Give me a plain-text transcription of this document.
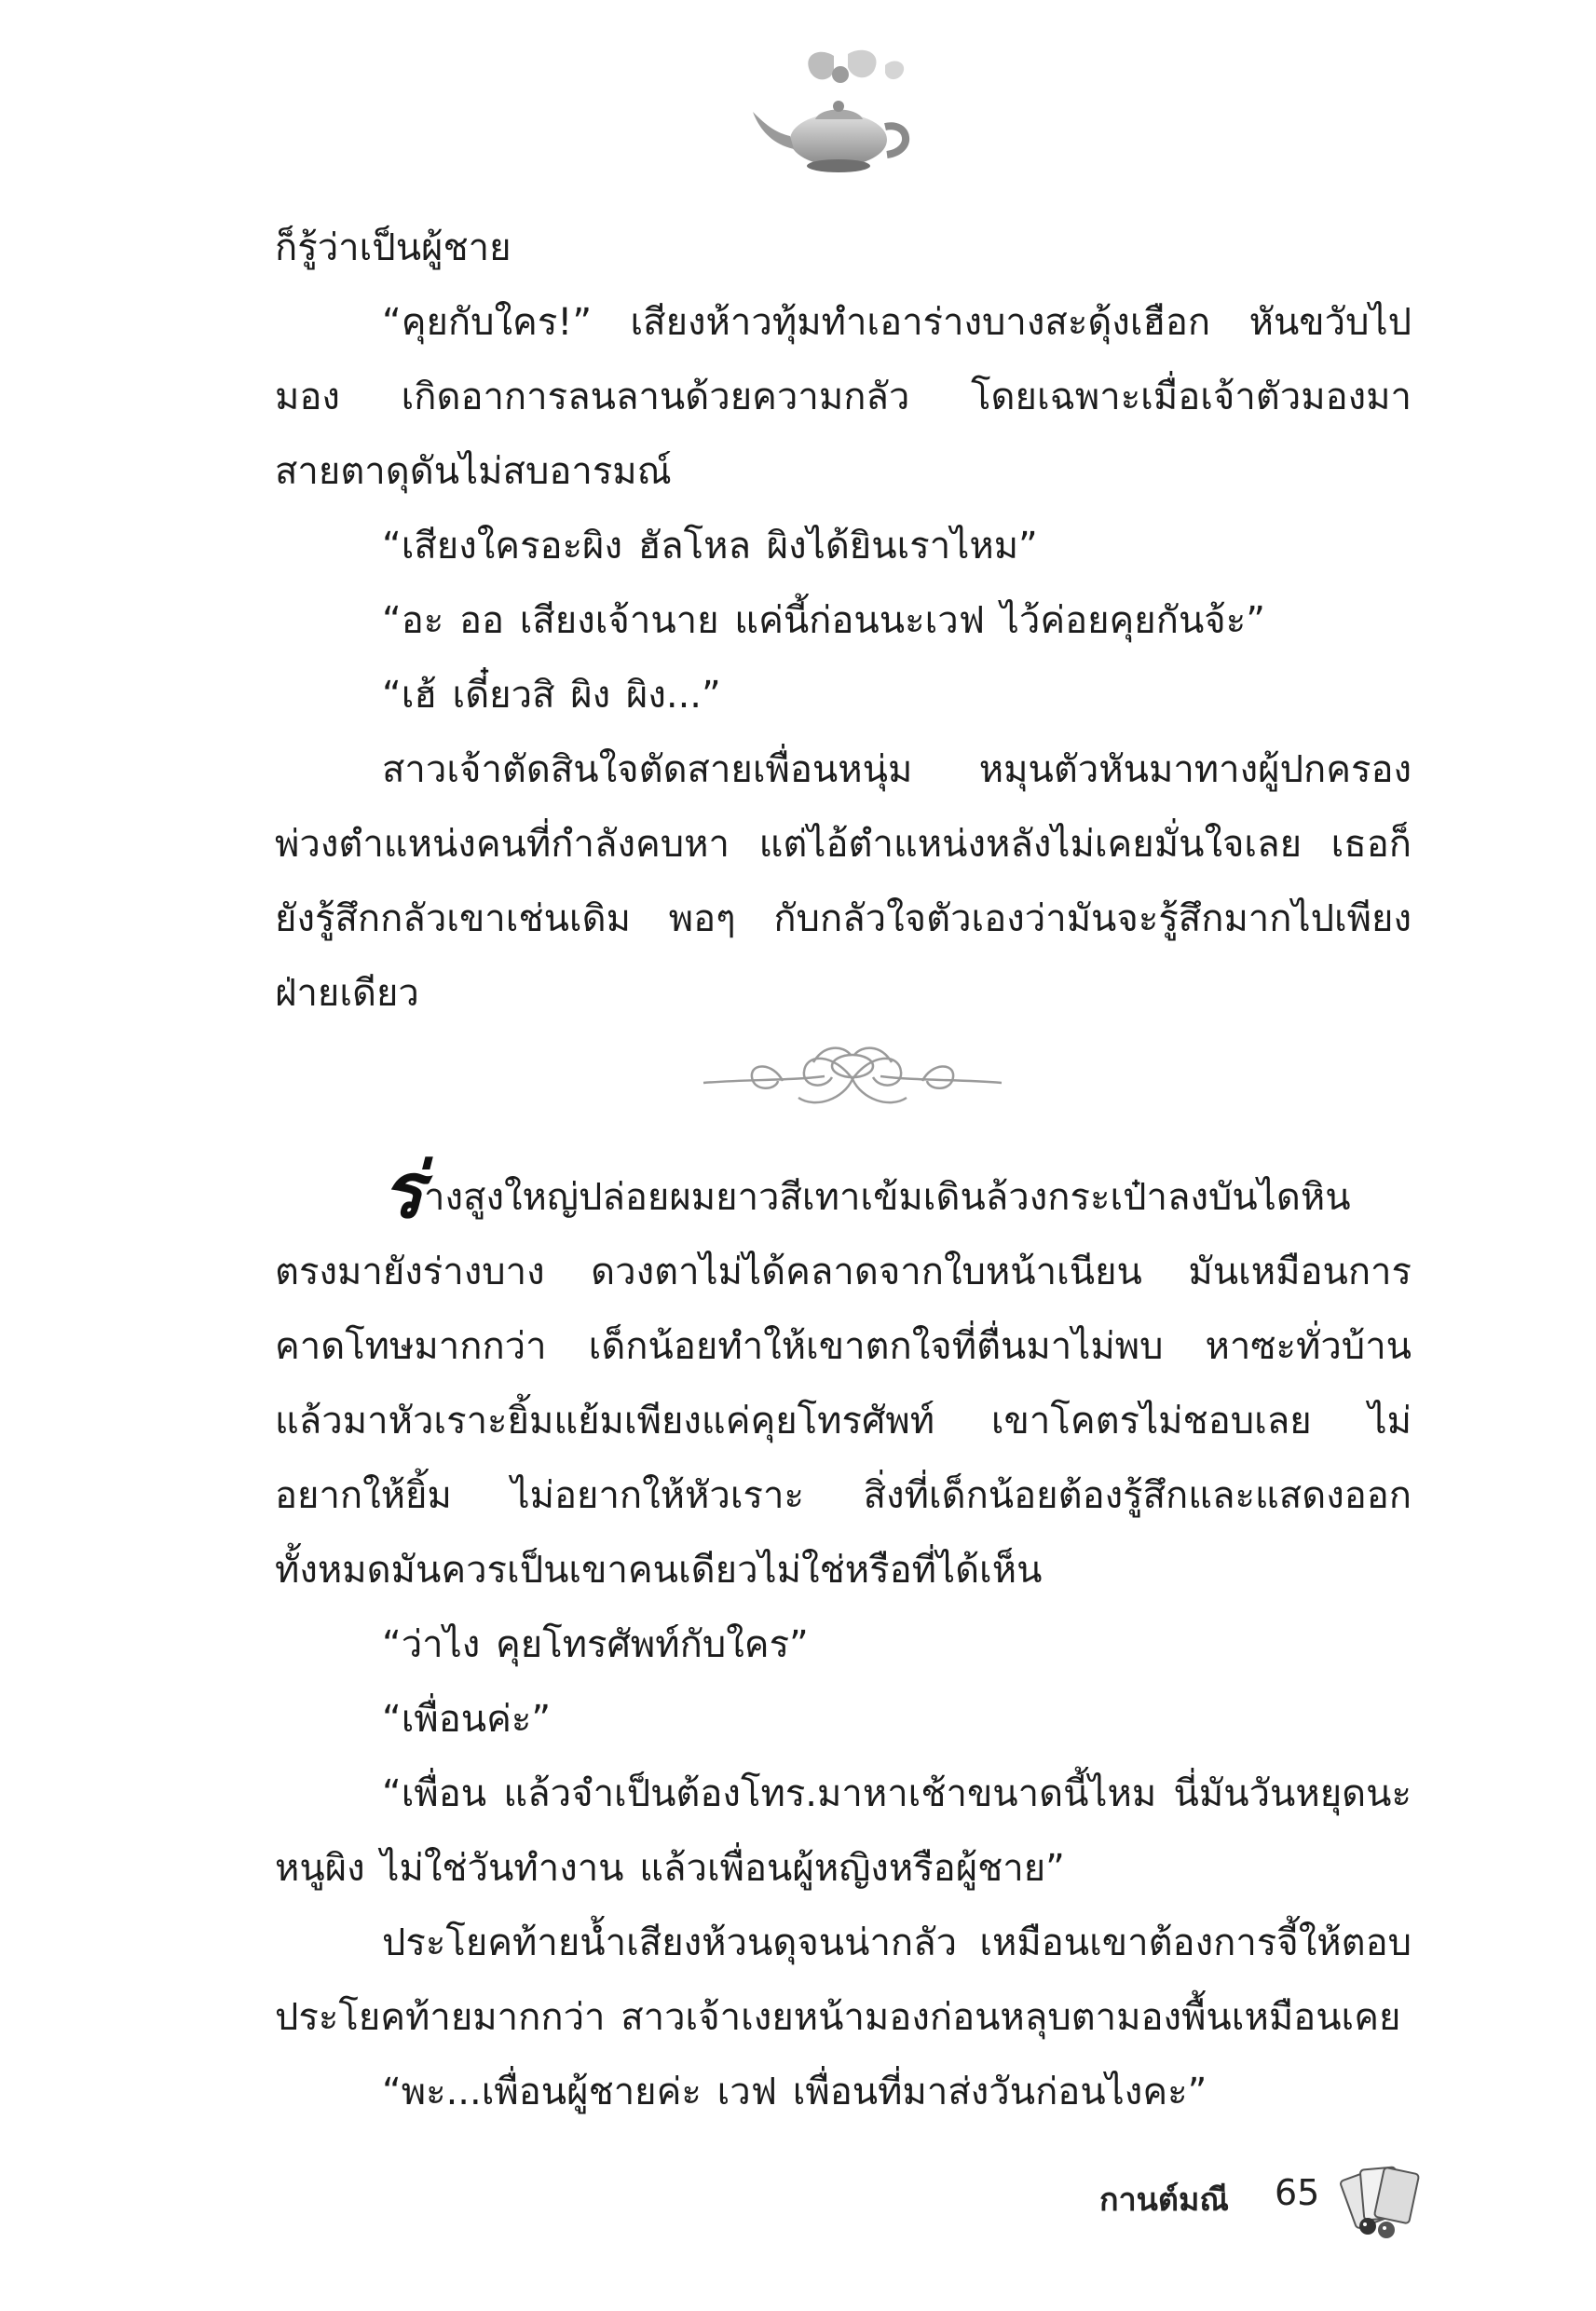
ก็รู้ว่าเป็นผู้ชาย

“คุยกับใคร!” เสียงห้าวทุ้มทำเอาร่างบางสะดุ้งเฮือก หันขวับไปมอง เกิดอาการลนลานด้วยความกลัว โดยเฉพาะเมื่อเจ้าตัวมองมาสายตาดุดันไม่สบอารมณ์

“เสียงใครอะผิง ฮัลโหล ผิงได้ยินเราไหม”

“อะ ออ เสียงเจ้านาย แค่นี้ก่อนนะเวฟ ไว้ค่อยคุยกันจ้ะ”

“เฮ้ เดี๋ยวสิ ผิง ผิง...”

สาวเจ้าตัดสินใจตัดสายเพื่อนหนุ่ม หมุนตัวหันมาทางผู้ปกครอง พ่วงตำแหน่งคนที่กำลังคบหา แต่ไอ้ตำแหน่งหลังไม่เคยมั่นใจเลย เธอก็ยังรู้สึกกลัวเขาเช่นเดิม พอๆ กับกลัวใจตัวเองว่ามันจะรู้สึกมากไปเพียงฝ่ายเดียว

ร่างสูงใหญ่ปล่อยผมยาวสีเทาเข้มเดินล้วงกระเป๋าลงบันไดหินตรงมายังร่างบาง ดวงตาไม่ได้คลาดจากใบหน้าเนียน มันเหมือนการคาดโทษมากกว่า เด็กน้อยทำให้เขาตกใจที่ตื่นมาไม่พบ หาซะทั่วบ้านแล้วมาหัวเราะยิ้มแย้มเพียงแค่คุยโทรศัพท์ เขาโคตรไม่ชอบเลย ไม่อยากให้ยิ้ม ไม่อยากให้หัวเราะ สิ่งที่เด็กน้อยต้องรู้สึกและแสดงออกทั้งหมดมันควรเป็นเขาคนเดียวไม่ใช่หรือที่ได้เห็น

“ว่าไง คุยโทรศัพท์กับใคร”

“เพื่อนค่ะ”

“เพื่อน แล้วจำเป็นต้องโทร.มาหาเช้าขนาดนี้ไหม นี่มันวันหยุดนะหนูผิง ไม่ใช่วันทำงาน แล้วเพื่อนผู้หญิงหรือผู้ชาย”

ประโยคท้ายน้ำเสียงห้วนดุจนน่ากลัว เหมือนเขาต้องการจี้ให้ตอบประโยคท้ายมากกว่า สาวเจ้าเงยหน้ามองก่อนหลุบตามองพื้นเหมือนเคย

“พะ...เพื่อนผู้ชายค่ะ เวฟ เพื่อนที่มาส่งวันก่อนไงคะ”

กานต์มณี 65
